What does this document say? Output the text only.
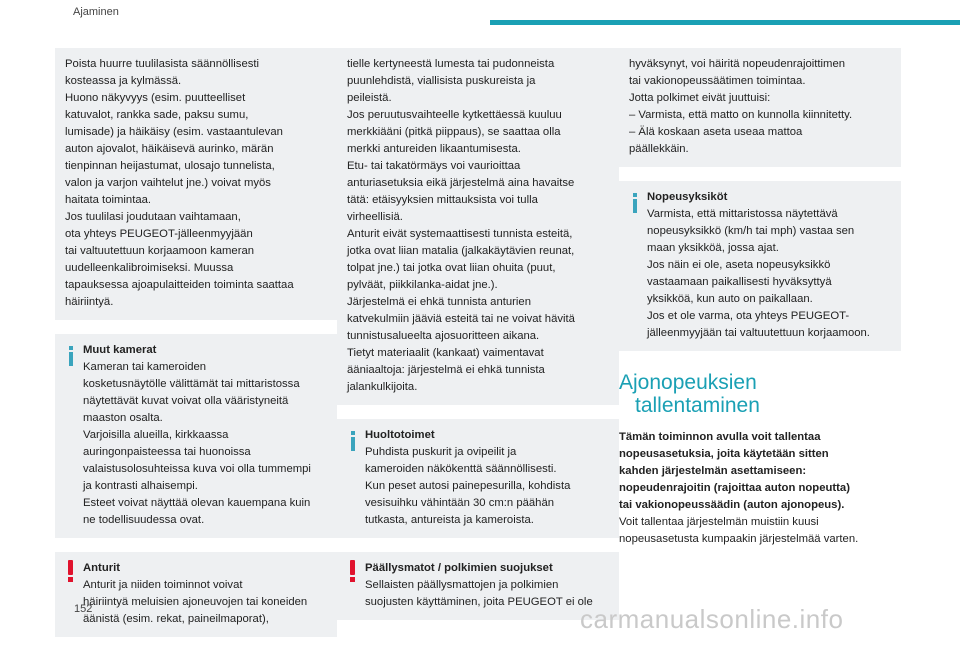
Ajaminen
Poista huurre tuulilasista säännöllisesti
kosteassa ja kylmässä.
Huono näkyvyys (esim. puutteelliset
katuvalot, rankka sade, paksu sumu,
lumisade) ja häikäisy (esim. vastaantulevan
auton ajovalot, häikäisevä aurinko, märän
tienpinnan heijastumat, ulosajo tunnelista,
valon ja varjon vaihtelut jne.) voivat myös
haitata toimintaa.
Jos tuulilasi joudutaan vaihtamaan,
ota yhteys PEUGEOT-jälleenmyyjään
tai valtuutettuun korjaamoon kameran
uudelleenkalibroimiseksi. Muussa
tapauksessa ajoapulaitteiden toiminta saattaa
häiriintyä.
Muut kamerat
Kameran tai kameroiden
kosketusnäytölle välittämät tai mittaristossa
näytettävät kuvat voivat olla vääristyneitä
maaston osalta.
Varjoisilla alueilla, kirkkaassa
auringonpaisteessa tai huonoissa
valaistusolosuhteissa kuva voi olla tummempi
ja kontrasti alhaisempi.
Esteet voivat näyttää olevan kauempana kuin
ne todellisuudessa ovat.
Anturit
Anturit ja niiden toiminnot voivat
häiriintyä meluisien ajoneuvojen tai koneiden
äänistä (esim. rekat, paineilmaporat),
tielle kertyneestä lumesta tai pudonneista
puunlehdistä, viallisista puskureista ja
peileistä.
Jos peruutusvaihteelle kytkettäessä kuuluu
merkkiääni (pitkä piippaus), se saattaa olla
merkki antureiden likaantumisesta.
Etu- tai takatörmäys voi vaurioittaa
anturiasetuksia eikä järjestelmä aina havaitse
tätä: etäisyyksien mittauksista voi tulla
virheellisiä.
Anturit eivät systemaattisesti tunnista esteitä,
jotka ovat liian matalia (jalkakäytävien reunat,
tolpat jne.) tai jotka ovat liian ohuita (puut,
pylväät, piikkilanka-aidat jne.).
Järjestelmä ei ehkä tunnista anturien
katvekulmiin jääviä esteitä tai ne voivat hävitä
tunnistusalueelta ajosuoritteen aikana.
Tietyt materiaalit (kankaat) vaimentavat
ääniaaltoja: järjestelmä ei ehkä tunnista
jalankulkijoita.
Huoltotoimet
Puhdista puskurit ja ovipeilit ja
kameroiden näkökenttä säännöllisesti.
Kun peset autosi painepesurilla, kohdista
vesisuihku vähintään 30 cm:n päähän
tutkasta, antureista ja kameroista.
Päällysmatot / polkimien suojukset
Sellaisten päällysmattojen ja polkimien
suojusten käyttäminen, joita PEUGEOT ei ole
hyväksynyt, voi häiritä nopeudenrajoittimen
tai vakionopeussäätimen toimintaa.
Jotta polkimet eivät juuttuisi:
– Varmista, että matto on kunnolla kiinnitetty.
– Älä koskaan aseta useaa mattoa
päällekkäin.
Nopeusyksiköt
Varmista, että mittaristossa näytettävä
nopeusyksikkö (km/h tai mph) vastaa sen
maan yksikköä, jossa ajat.
Jos näin ei ole, aseta nopeusyksikkö
vastaamaan paikallisesti hyväksyttyä
yksikköä, kun auto on paikallaan.
Jos et ole varma, ota yhteys PEUGEOT-
jälleenmyyjään tai valtuutettuun korjaamoon.
Ajonopeuksien
tallentaminen
Tämän toiminnon avulla voit tallentaa
nopeusasetuksia, joita käytetään sitten
kahden järjestelmän asettamiseen:
nopeudenrajoitin (rajoittaa auton nopeutta)
tai vakionopeussäädin (auton ajonopeus).
Voit tallentaa järjestelmän muistiin kuusi
nopeusasetusta kumpaakin järjestelmää varten.
152	carmanualsonline.info
